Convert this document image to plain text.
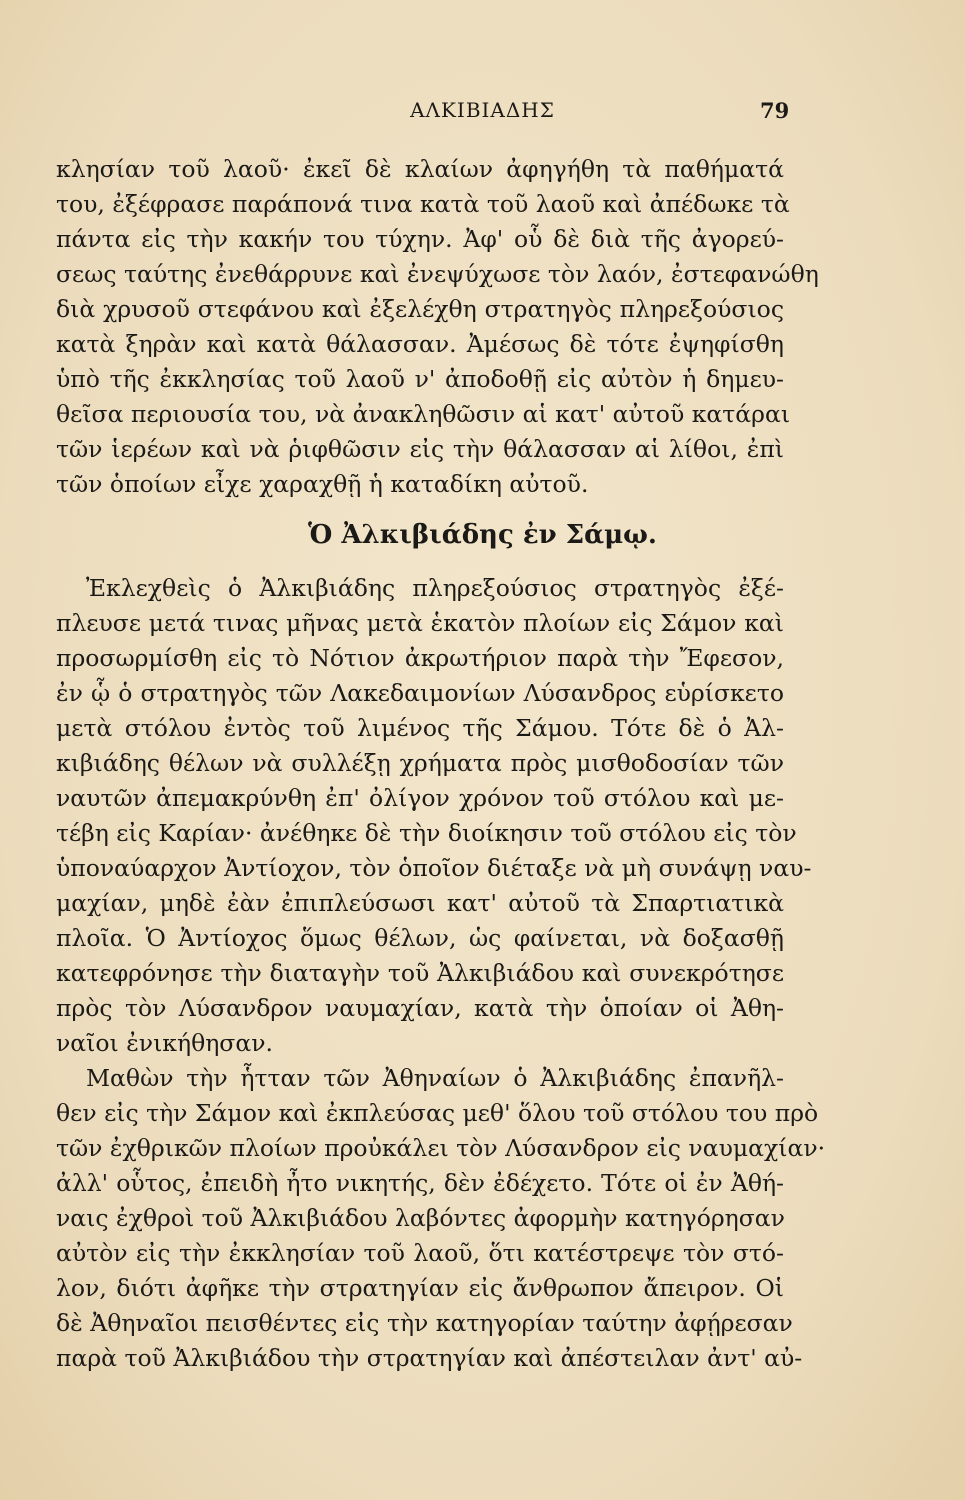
ΑΛΚΙΒΙΑΔΗΣ	79
κλησίαν τοῦ λαοῦ· ἐκεῖ δὲ κλαίων ἀφηγήθη τὰ παθήματά
του, ἐξέφρασε παράπονά τινα κατὰ τοῦ λαοῦ καὶ ἀπέδωκε τὰ
πάντα εἰς τὴν κακήν του τύχην. Ἀφ' οὗ δὲ διὰ τῆς ἀγορεύ-
σεως ταύτης ἐνεθάρρυνε καὶ ἐνεψύχωσε τὸν λαόν, ἐστεφανώθη
διὰ χρυσοῦ στεφάνου καὶ ἐξελέχθη στρατηγὸς πληρεξούσιος
κατὰ ξηρὰν καὶ κατὰ θάλασσαν. Ἀμέσως δὲ τότε ἐψηφίσθη
ὑπὸ τῆς ἐκκλησίας τοῦ λαοῦ ν' ἀποδοθῇ εἰς αὐτὸν ἡ δημευ-
θεῖσα περιουσία του, νὰ ἀνακληθῶσιν αἱ κατ' αὐτοῦ κατάραι
τῶν ἱερέων καὶ νὰ ῥιφθῶσιν εἰς τὴν θάλασσαν αἱ λίθοι, ἐπὶ
τῶν ὁποίων εἶχε χαραχθῇ ἡ καταδίκη αὐτοῦ.
Ὁ Ἀλκιβιάδης ἐν Σάμῳ.
Ἐκλεχθεὶς ὁ Ἀλκιβιάδης πληρεξούσιος στρατηγὸς ἐξέ-
πλευσε μετά τινας μῆνας μετὰ ἑκατὸν πλοίων εἰς Σάμον καὶ
προσωρμίσθη εἰς τὸ Νότιον ἀκρωτήριον παρὰ τὴν Ἔφεσον,
ἐν ᾧ ὁ στρατηγὸς τῶν Λακεδαιμονίων Λύσανδρος εὑρίσκετο
μετὰ στόλου ἐντὸς τοῦ λιμένος τῆς Σάμου. Τότε δὲ ὁ Ἀλ-
κιβιάδης θέλων νὰ συλλέξῃ χρήματα πρὸς μισθοδοσίαν τῶν
ναυτῶν ἀπεμακρύνθη ἐπ' ὀλίγον χρόνον τοῦ στόλου καὶ με-
τέβη εἰς Καρίαν· ἀνέθηκε δὲ τὴν διοίκησιν τοῦ στόλου εἰς τὸν
ὑποναύαρχον Ἀντίοχον, τὸν ὁποῖον διέταξε νὰ μὴ συνάψῃ ναυ-
μαχίαν, μηδὲ ἐὰν ἐπιπλεύσωσι κατ' αὐτοῦ τὰ Σπαρτιατικὰ
πλοῖα. Ὁ Ἀντίοχος ὅμως θέλων, ὡς φαίνεται, νὰ δοξασθῇ
κατεφρόνησε τὴν διαταγὴν τοῦ Ἀλκιβιάδου καὶ συνεκρότησε
πρὸς τὸν Λύσανδρον ναυμαχίαν, κατὰ τὴν ὁποίαν οἱ Ἀθη-
ναῖοι ἐνικήθησαν.
Μαθὼν τὴν ἧτταν τῶν Ἀθηναίων ὁ Ἀλκιβιάδης ἐπανῆλ-
θεν εἰς τὴν Σάμον καὶ ἐκπλεύσας μεθ' ὅλου τοῦ στόλου του πρὸ
τῶν ἐχθρικῶν πλοίων προὐκάλει τὸν Λύσανδρον εἰς ναυμαχίαν·
ἀλλ' οὗτος, ἐπειδὴ ἦτο νικητής, δὲν ἐδέχετο. Τότε οἱ ἐν Ἀθή-
ναις ἐχθροὶ τοῦ Ἀλκιβιάδου λαβόντες ἀφορμὴν κατηγόρησαν
αὐτὸν εἰς τὴν ἐκκλησίαν τοῦ λαοῦ, ὅτι κατέστρεψε τὸν στό-
λον, διότι ἀφῆκε τὴν στρατηγίαν εἰς ἄνθρωπον ἄπειρον. Οἱ
δὲ Ἀθηναῖοι πεισθέντες εἰς τὴν κατηγορίαν ταύτην ἀφῄρεσαν
παρὰ τοῦ Ἀλκιβιάδου τὴν στρατηγίαν καὶ ἀπέστειλαν ἀντ' αὐ-
